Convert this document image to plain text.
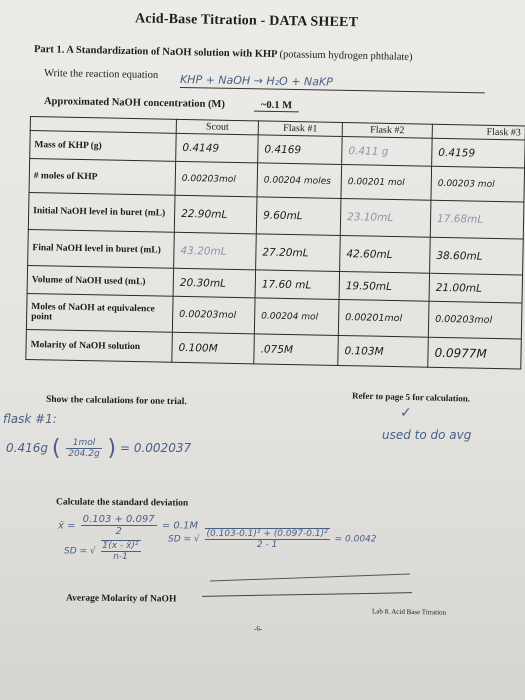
Acid-Base Titration - DATA SHEET
Part 1. A Standardization of NaOH solution with KHP (potassium hydrogen phthalate)
Write the reaction equation KHP + NaOH → H₂O + NaKP
Approximated NaOH concentration (M)	~0.1 M
	Scout	Flask #1	Flask #2	Flask #3
Mass of KHP (g)	0.4149	0.4169	0.411 g	0.4159
# moles of KHP	0.00203mol	0.00204 moles	0.00201 mol	0.00203 mol
Initial NaOH level in buret (mL)	22.90mL	9.60mL	23.10mL	17.68mL
Final NaOH level in buret (mL)	43.20mL	27.20mL	42.60mL	38.60mL
Volume of NaOH used (mL)	20.30mL	17.60 mL	19.50mL	21.00mL
Moles of NaOH at equivalence point	0.00203mol	0.00204 mol	0.00201mol	0.00203mol
Molarity of NaOH solution	0.100M	.075M	0.103M	0.0977M
Show the calculations for one trial.	Refer to page 5 for calculation.
flask #1:
0.416g ( $\frac{\text{1mol}}{204.2g}$ ) = 0.002037
✓
used to do avg
Calculate the standard deviation
x̄ = $\frac{0.103 + 0.097}{2} = 0.1M$
SD = √ $\frac{\text{Σ(x - x̄)²}}{n-1}$
SD = √ $\frac{\text{(0.103-0.1)² + (0.097-0.1)²}}{2 - 1} = 0.0042$
Average Molarity of NaOH
Lab 8. Acid Base Titration
-6-
